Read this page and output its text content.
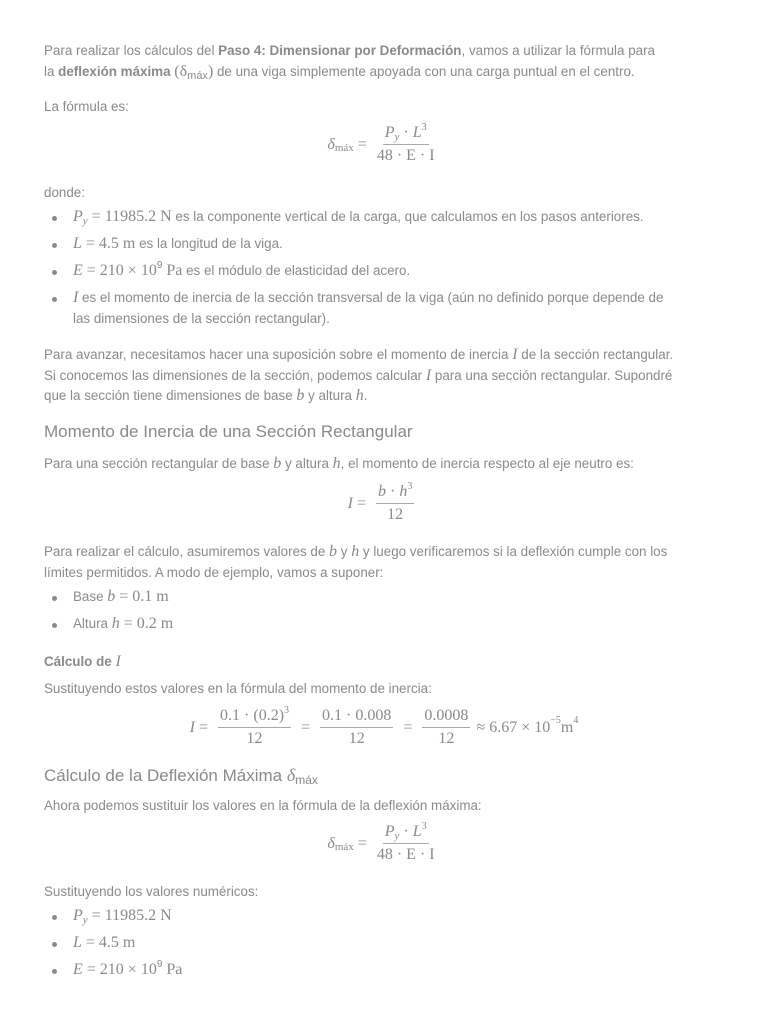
Para realizar los cálculos del Paso 4: Dimensionar por Deformación, vamos a utilizar la fórmula para
la deflexión máxima $(\delta_{máx})$ de una viga simplemente apoyada con una carga puntual en el centro.

La fórmula es:

δ máx = $\frac{Py \cdot L^3}{48 \cdot E \cdot I}$

donde:

$P_y = 11985.2$ N es la componente vertical de la carga, que calculamos en los pasos anteriores.
L = 4.5 m es la longitud de la viga.
$E = 210 \times 10^9$ Pa es el módulo de elasticidad del acero.
I es el momento de inercia de la sección transversal de la viga (aún no definido porque depende de
las dimensiones de la sección rectangular).

Para avanzar, necesitamos hacer una suposición sobre el momento de inercia I de la sección rectangular.
Si conocemos las dimensiones de la sección, podemos calcular I para una sección rectangular. Supondré
que la sección tiene dimensiones de base b y altura h.

Momento de Inercia de una Sección Rectangular

Para una sección rectangular de base b y altura h, el momento de inercia respecto al eje neutro es:

$I = \frac{b \cdot h^3}{12}$

Para realizar el cálculo, asumiremos valores de b y h y luego verificaremos si la deflexión cumple con los
límites permitidos. A modo de ejemplo, vamos a suponer:

Base b = 0.1 m
Altura h = 0.2 m
Cálculo de I

Sustituyendo estos valores en la fórmula del momento de inercia:

$I = \frac{0.1 \cdot (0.2)^3}{12} = \frac{0.1 \cdot 0.008}{12} = \frac{0.0008}{12} \approx 6.67 \times 10 -5$ m 4
Cálculo de la Deflexión Máxima δmáx

Ahora podemos sustituir los valores en la fórmula de la deflexión máxima:

δ máx = $\frac{Py \cdot L^3}{48 \cdot E \cdot I}$

Sustituyendo los valores numéricos:

$P_y = 11985.2$ N
L = 4.5 m
$E = 210 \times 10^9$ Pa
